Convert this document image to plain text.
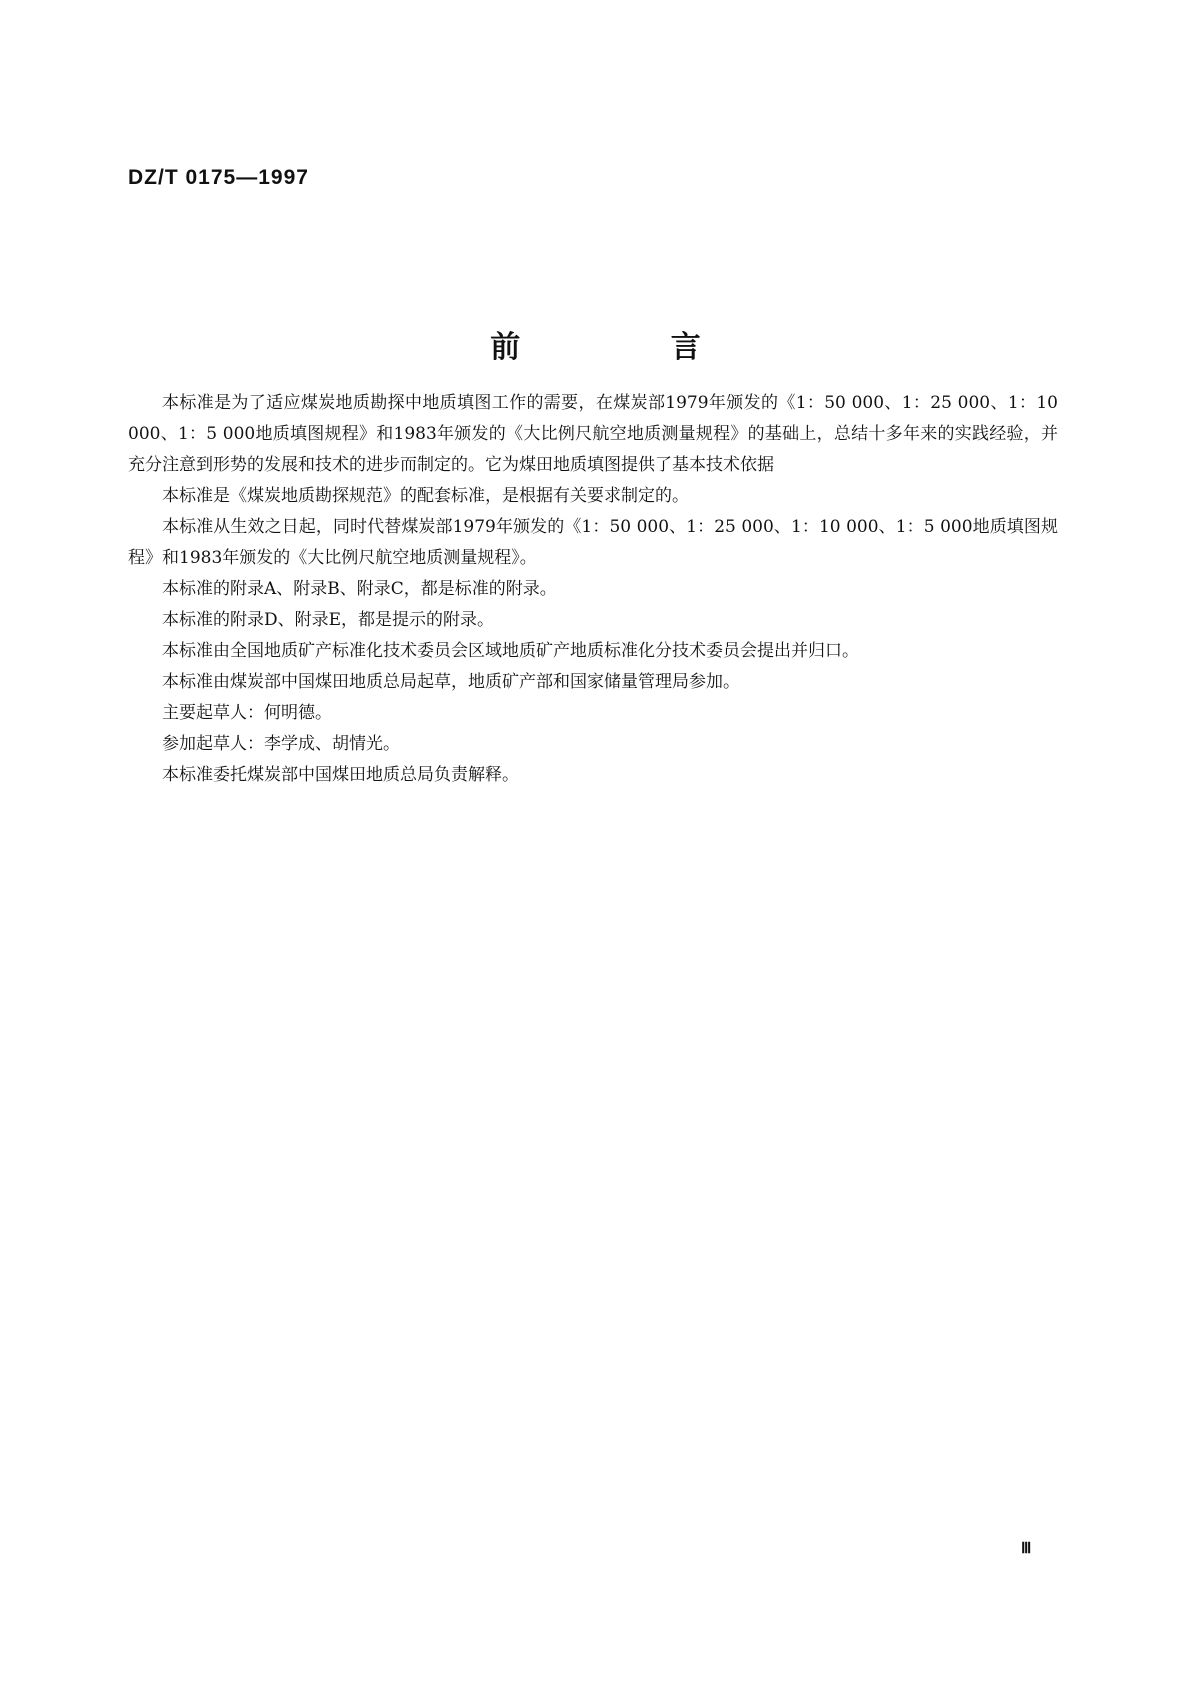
DZ/T 0175—1997
前 言

本标准是为了适应煤炭地质勘探中地质填图工作的需要，在煤炭部1979年颁发的《1：50 000、1：25 000、1：10 000、1：5 000地质填图规程》和1983年颁发的《大比例尺航空地质测量规程》的基础上，总结十多年来的实践经验，并充分注意到形势的发展和技术的进步而制定的。它为煤田地质填图提供了基本技术依据

本标准是《煤炭地质勘探规范》的配套标准，是根据有关要求制定的。

本标准从生效之日起，同时代替煤炭部1979年颁发的《1：50 000、1：25 000、1：10 000、1：5 000地质填图规程》和1983年颁发的《大比例尺航空地质测量规程》。

本标准的附录A、附录B、附录C，都是标准的附录。

本标准的附录D、附录E，都是提示的附录。

本标准由全国地质矿产标准化技术委员会区域地质矿产地质标准化分技术委员会提出并归口。

本标准由煤炭部中国煤田地质总局起草，地质矿产部和国家储量管理局参加。

主要起草人：何明德。

参加起草人：李学成、胡情光。

本标准委托煤炭部中国煤田地质总局负责解释。

Ⅲ
